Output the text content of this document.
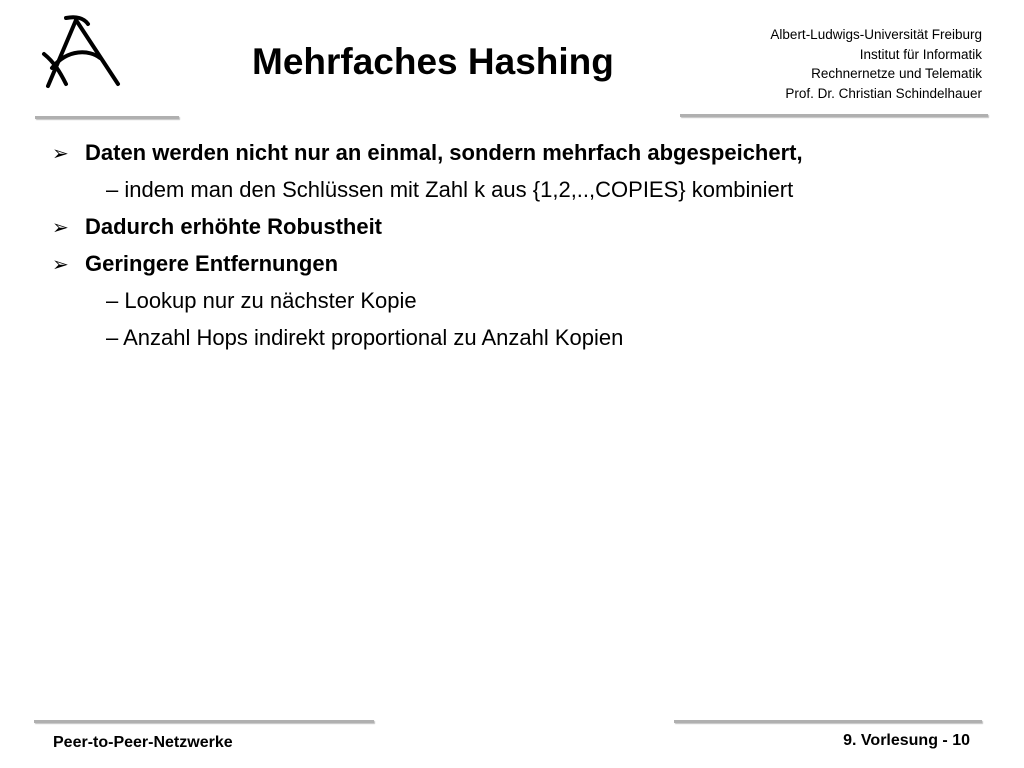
Mehrfaches Hashing
Albert-Ludwigs-Universität Freiburg
Institut für Informatik
Rechnernetze und Telematik
Prof. Dr. Christian Schindelhauer
➢ Daten werden nicht nur an einmal, sondern mehrfach abgespeichert,
– indem man den Schlüssen mit Zahl k aus {1,2,..,COPIES} kombiniert
➢ Dadurch erhöhte Robustheit
➢ Geringere Entfernungen
– Lookup nur zu nächster Kopie
– Anzahl Hops indirekt proportional zu Anzahl Kopien
Peer-to-Peer-Netzwerke	9. Vorlesung - 10
